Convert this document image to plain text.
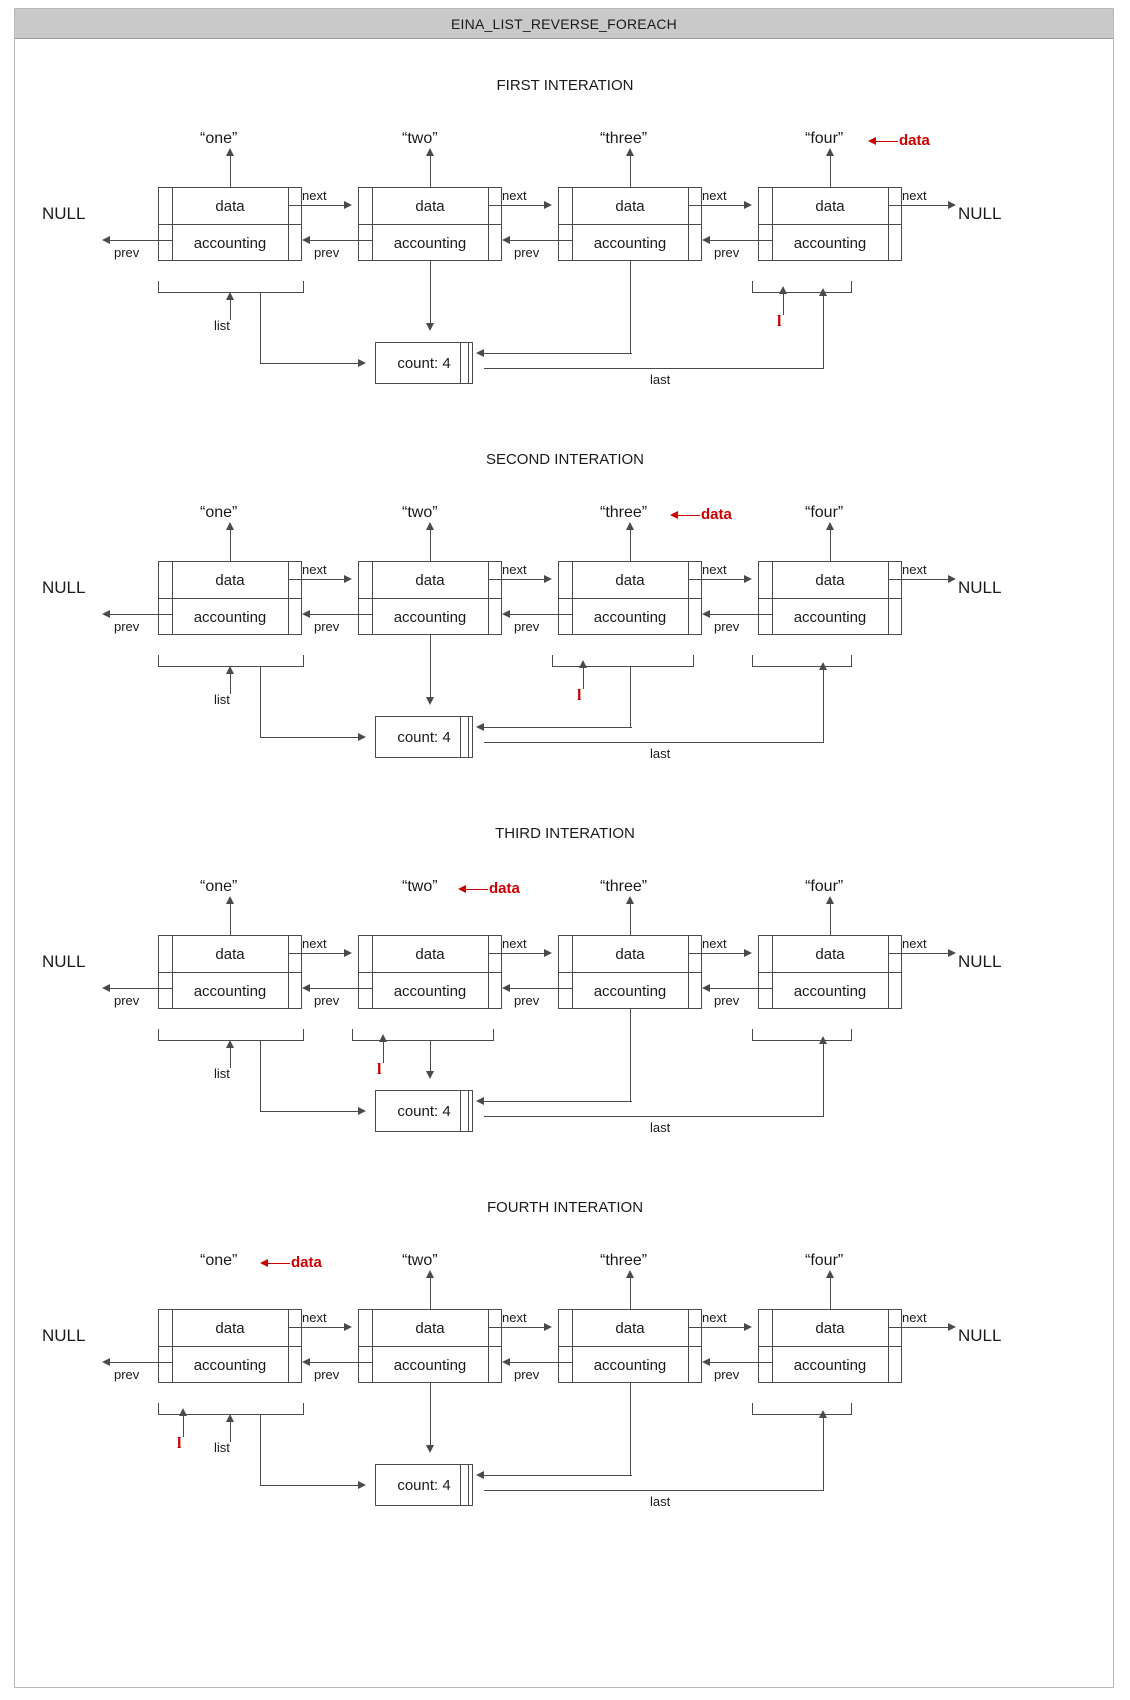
EINA_LIST_REVERSE_FOREACH
FIRST INTERATION
“one”	“two”	“three”	“four”	data
data
accounting
data
accounting
data
accounting
data
accounting
NULL
prev
next
prev
next
prev
next
prev
next
NULL
list	l
count: 4
last
SECOND INTERATION
“one”	“two”	“three”	“four”
data
data
accounting
data
accounting
data
accounting
data
accounting
NULL
prev
next
prev
next
prev
next
prev
next
NULL
list	l
count: 4
last
THIRD INTERATION
“one”	“two”	“three”	“four”
data
data
accounting
data
accounting
data
accounting
data
accounting
NULL
prev
next
prev
next
prev
next
prev
next
NULL
list	l
count: 4
last
FOURTH INTERATION
“one”	“two”	“three”	“four”
data
data
accounting
data
accounting
data
accounting
data
accounting
NULL
prev
next
prev
next
prev
next
prev
next
NULL
list
l
count: 4
last
